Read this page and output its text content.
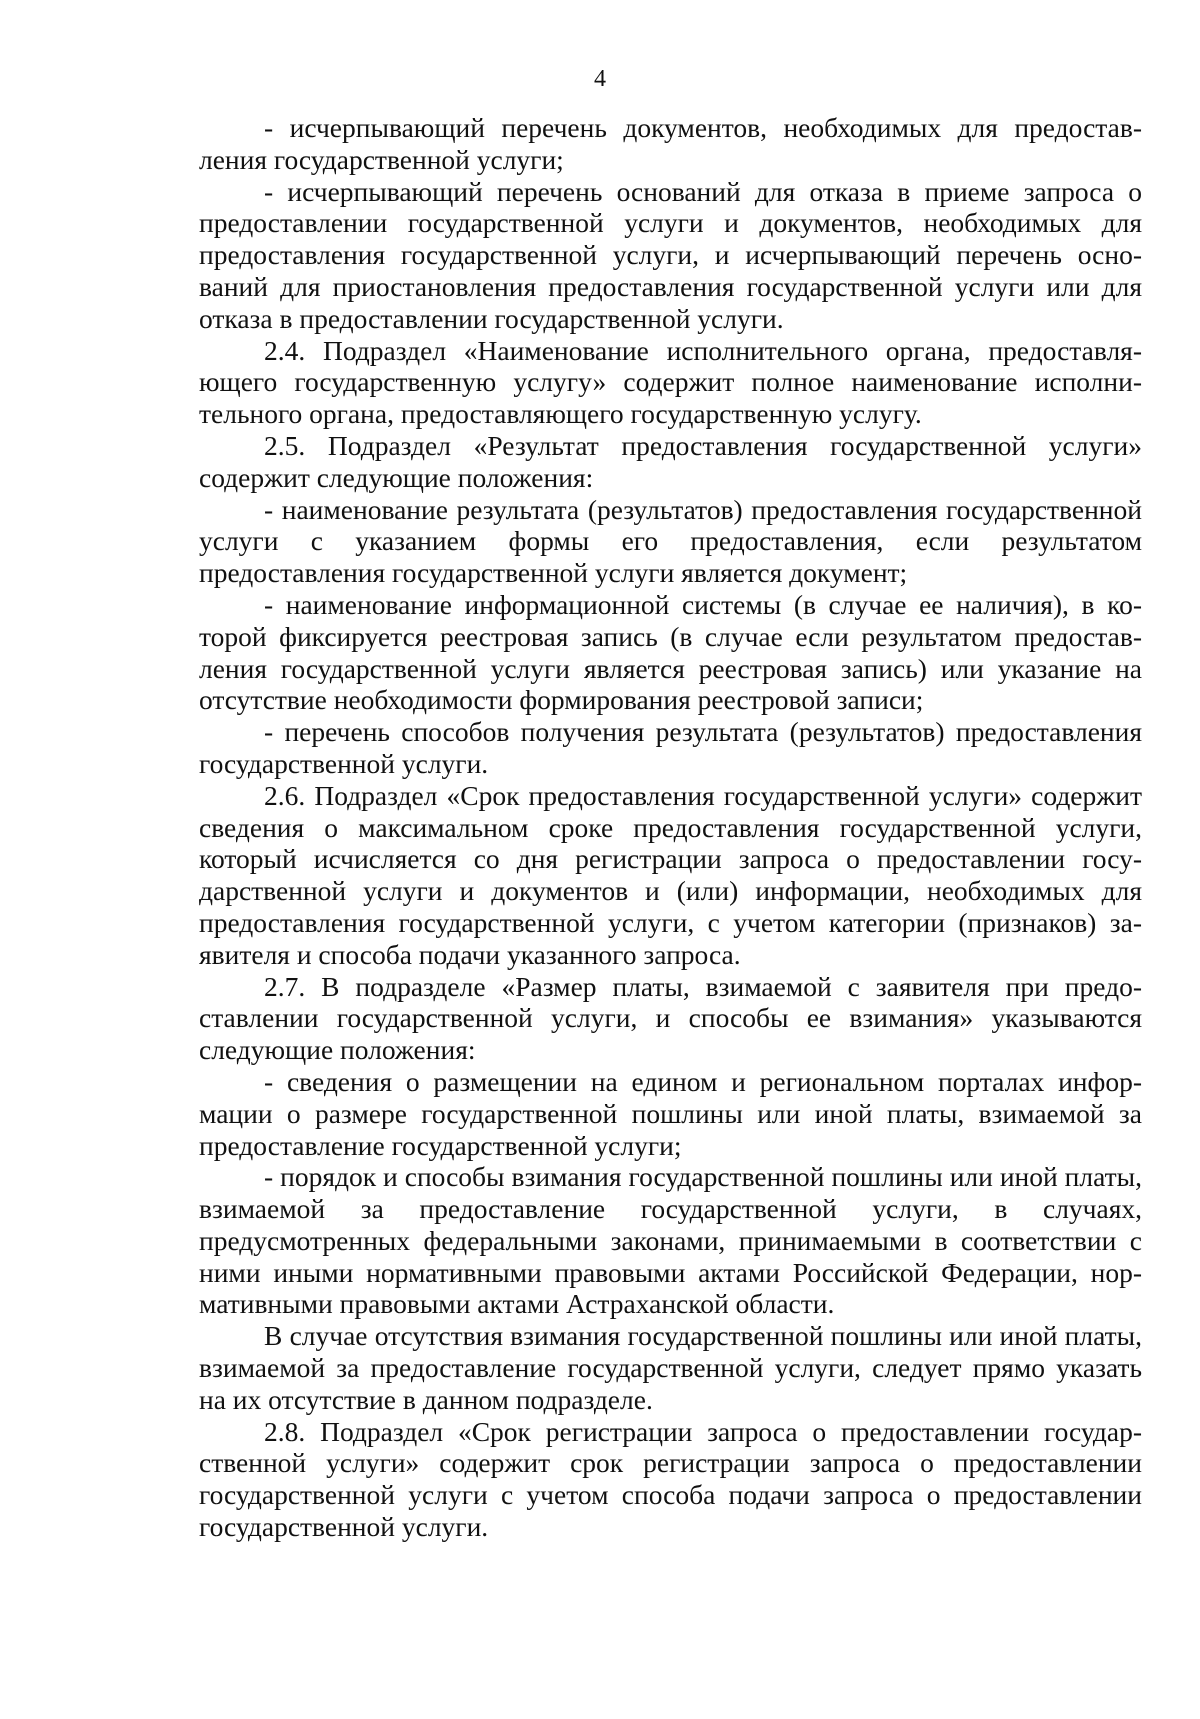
4

- исчерпывающий перечень документов, необходимых для предоставления государственной услуги;

- исчерпывающий перечень оснований для отказа в приеме запроса о предоставлении государственной услуги и документов, необходимых для предоставления государственной услуги, и исчерпывающий перечень оснований для приостановления предоставления государственной услуги или для отказа в предоставлении государственной услуги.

2.4. Подраздел «Наименование исполнительного органа, предоставляющего государственную услугу» содержит полное наименование исполнительного органа, предоставляющего государственную услугу.

2.5. Подраздел «Результат предоставления государственной услуги» содержит следующие положения:

- наименование результата (результатов) предоставления государственной услуги с указанием формы его предоставления, если результатом предоставления государственной услуги является документ;

- наименование информационной системы (в случае ее наличия), в которой фиксируется реестровая запись (в случае если результатом предоставления государственной услуги является реестровая запись) или указание на отсутствие необходимости формирования реестровой записи;

- перечень способов получения результата (результатов) предоставления государственной услуги.

2.6. Подраздел «Срок предоставления государственной услуги» содержит сведения о максимальном сроке предоставления государственной услуги, который исчисляется со дня регистрации запроса о предоставлении государственной услуги и документов и (или) информации, необходимых для предоставления государственной услуги, с учетом категории (признаков) заявителя и способа подачи указанного запроса.

2.7. В подразделе «Размер платы, взимаемой с заявителя при предоставлении государственной услуги, и способы ее взимания» указываются следующие положения:

- сведения о размещении на едином и региональном порталах информации о размере государственной пошлины или иной платы, взимаемой за предоставление государственной услуги;

- порядок и способы взимания государственной пошлины или иной платы, взимаемой за предоставление государственной услуги, в случаях, предусмотренных федеральными законами, принимаемыми в соответствии с ними иными нормативными правовыми актами Российской Федерации, нормативными правовыми актами Астраханской области.

В случае отсутствия взимания государственной пошлины или иной платы, взимаемой за предоставление государственной услуги, следует прямо указать на их отсутствие в данном подразделе.

2.8. Подраздел «Срок регистрации запроса о предоставлении государственной услуги» содержит срок регистрации запроса о предоставлении государственной услуги с учетом способа подачи запроса о предоставлении государственной услуги.
